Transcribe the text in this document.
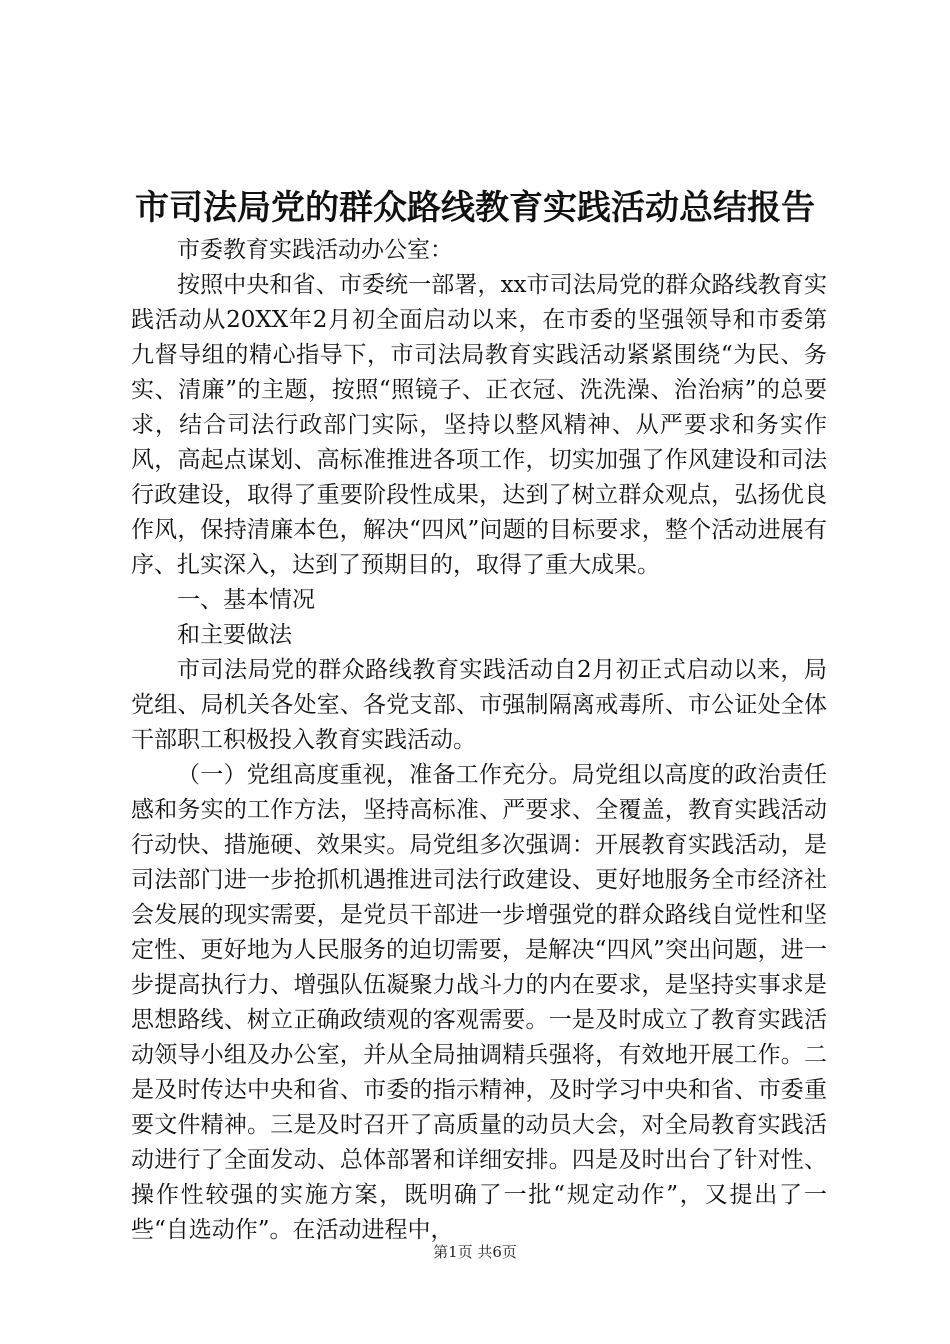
市司法局党的群众路线教育实践活动总结报告

市委教育实践活动办公室：

按照中央和省、市委统一部署，xx市司法局党的群众路线教育实践活动从20XX年2月初全面启动以来，在市委的坚强领导和市委第九督导组的精心指导下，市司法局教育实践活动紧紧围绕“为民、务实、清廉”的主题，按照“照镜子、正衣冠、洗洗澡、治治病”的总要求，结合司法行政部门实际，坚持以整风精神、从严要求和务实作风，高起点谋划、高标准推进各项工作，切实加强了作风建设和司法行政建设，取得了重要阶段性成果，达到了树立群众观点，弘扬优良作风，保持清廉本色，解决“四风”问题的目标要求，整个活动进展有序、扎实深入，达到了预期目的，取得了重大成果。

一、基本情况

和主要做法

市司法局党的群众路线教育实践活动自2月初正式启动以来，局党组、局机关各处室、各党支部、市强制隔离戒毒所、市公证处全体干部职工积极投入教育实践活动。

（一）党组高度重视，准备工作充分。局党组以高度的政治责任感和务实的工作方法，坚持高标准、严要求、全覆盖，教育实践活动行动快、措施硬、效果实。局党组多次强调：开展教育实践活动，是司法部门进一步抢抓机遇推进司法行政建设、更好地服务全市经济社会发展的现实需要，是党员干部进一步增强党的群众路线自觉性和坚定性、更好地为人民服务的迫切需要，是解决“四风”突出问题，进一步提高执行力、增强队伍凝聚力战斗力的内在要求，是坚持实事求是思想路线、树立正确政绩观的客观需要。一是及时成立了教育实践活动领导小组及办公室，并从全局抽调精兵强将，有效地开展工作。二是及时传达中央和省、市委的指示精神，及时学习中央和省、市委重要文件精神。三是及时召开了高质量的动员大会，对全局教育实践活动进行了全面发动、总体部署和详细安排。四是及时出台了针对性、操作性较强的实施方案，既明确了一批“规定动作”，又提出了一些“自选动作”。在活动进程中，

第1页 共6页
